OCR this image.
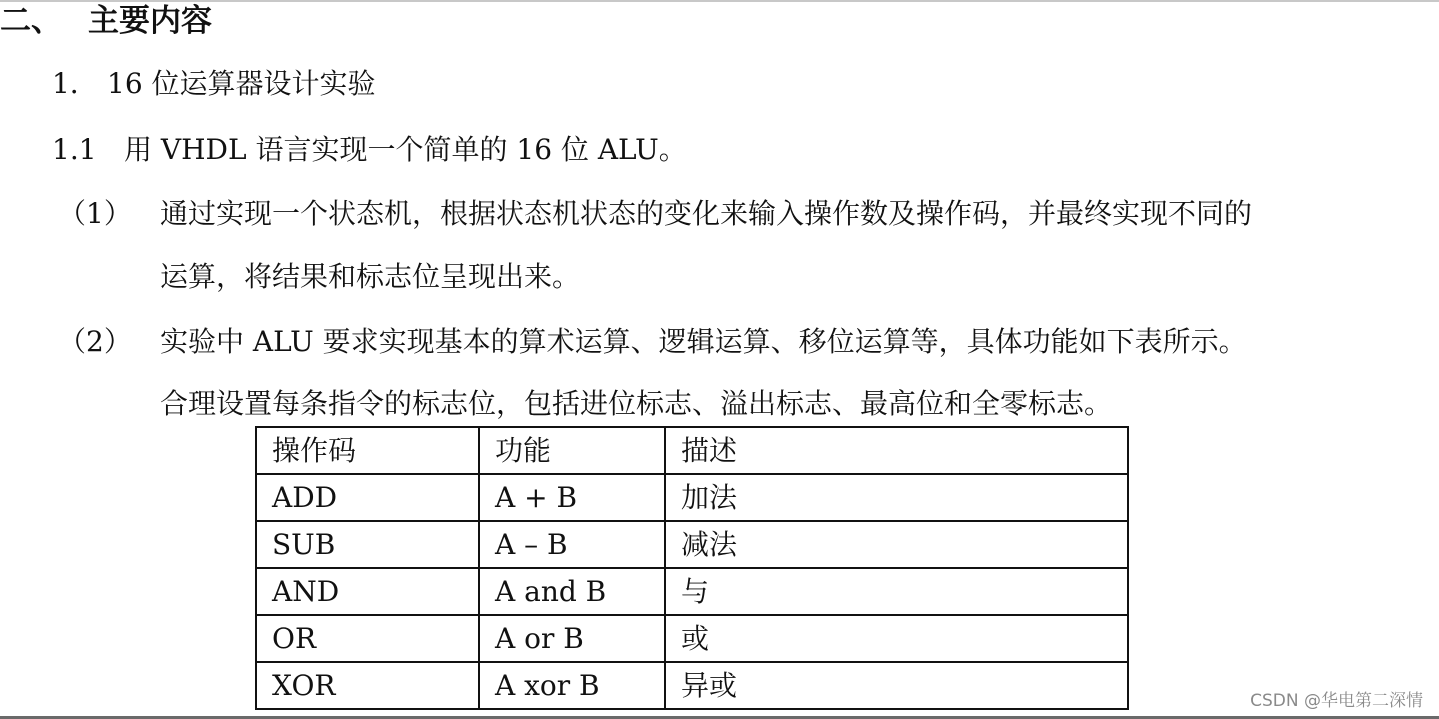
二、 主要内容
1． 16 位运算器设计实验
1.1 用 VHDL 语言实现一个简单的 16 位 ALU。
（1） 通过实现一个状态机，根据状态机状态的变化来输入操作数及操作码，并最终实现不同的
运算，将结果和标志位呈现出来。
（2） 实验中 ALU 要求实现基本的算术运算、逻辑运算、移位运算等，具体功能如下表所示。
合理设置每条指令的标志位，包括进位标志、溢出标志、最高位和全零标志。
操作码	功能	描述
ADD	A + B	加法
SUB	A – B	减法
AND	A and B	与
OR	A or B	或
XOR	A xor B	异或	CSDN @华电第二深情
